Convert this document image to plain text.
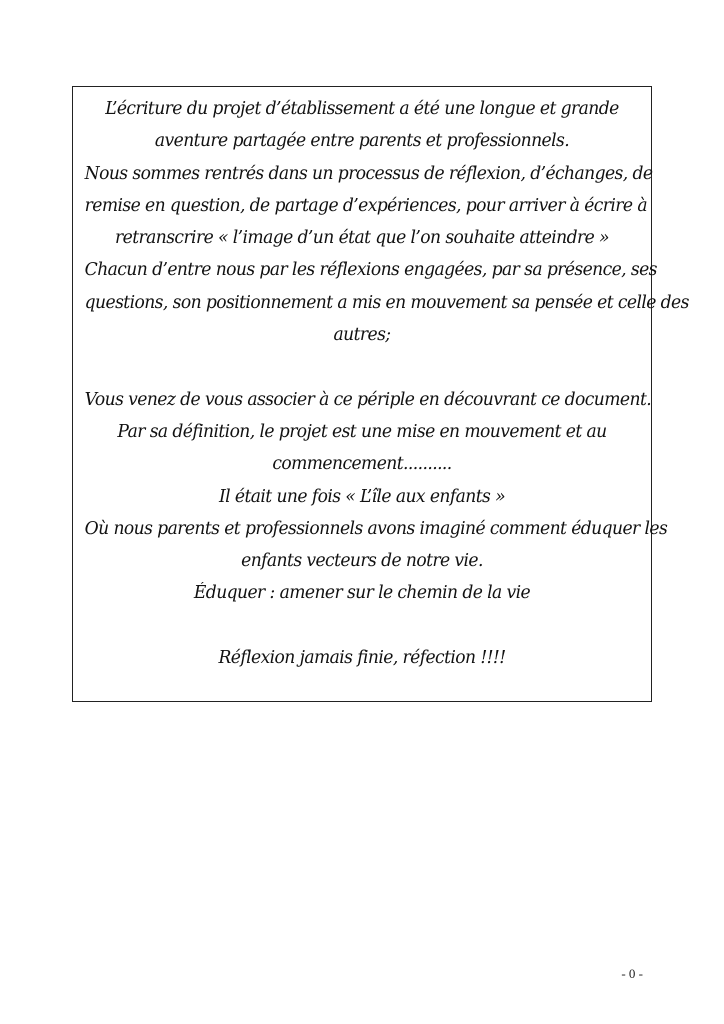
L’écriture du projet d’établissement a été une longue et grande
aventure partagée entre parents et professionnels.
Nous sommes rentrés dans un processus de réflexion, d’échanges, de
remise en question, de partage d’expériences, pour arriver à écrire à
retranscrire « l’image d’un état que l’on souhaite atteindre »
Chacun d’entre nous par les réflexions engagées, par sa présence, ses
questions, son positionnement a mis en mouvement sa pensée et celle des
autres;
Vous venez de vous associer à ce périple en découvrant ce document.
Par sa définition, le projet est une mise en mouvement et au
commencement..........
Il était une fois « L’île aux enfants »
Où nous parents et professionnels avons imaginé comment éduquer les
enfants vecteurs de notre vie.
Éduquer : amener sur le chemin de la vie
Réflexion jamais finie, réfection !!!!
- 0 -
